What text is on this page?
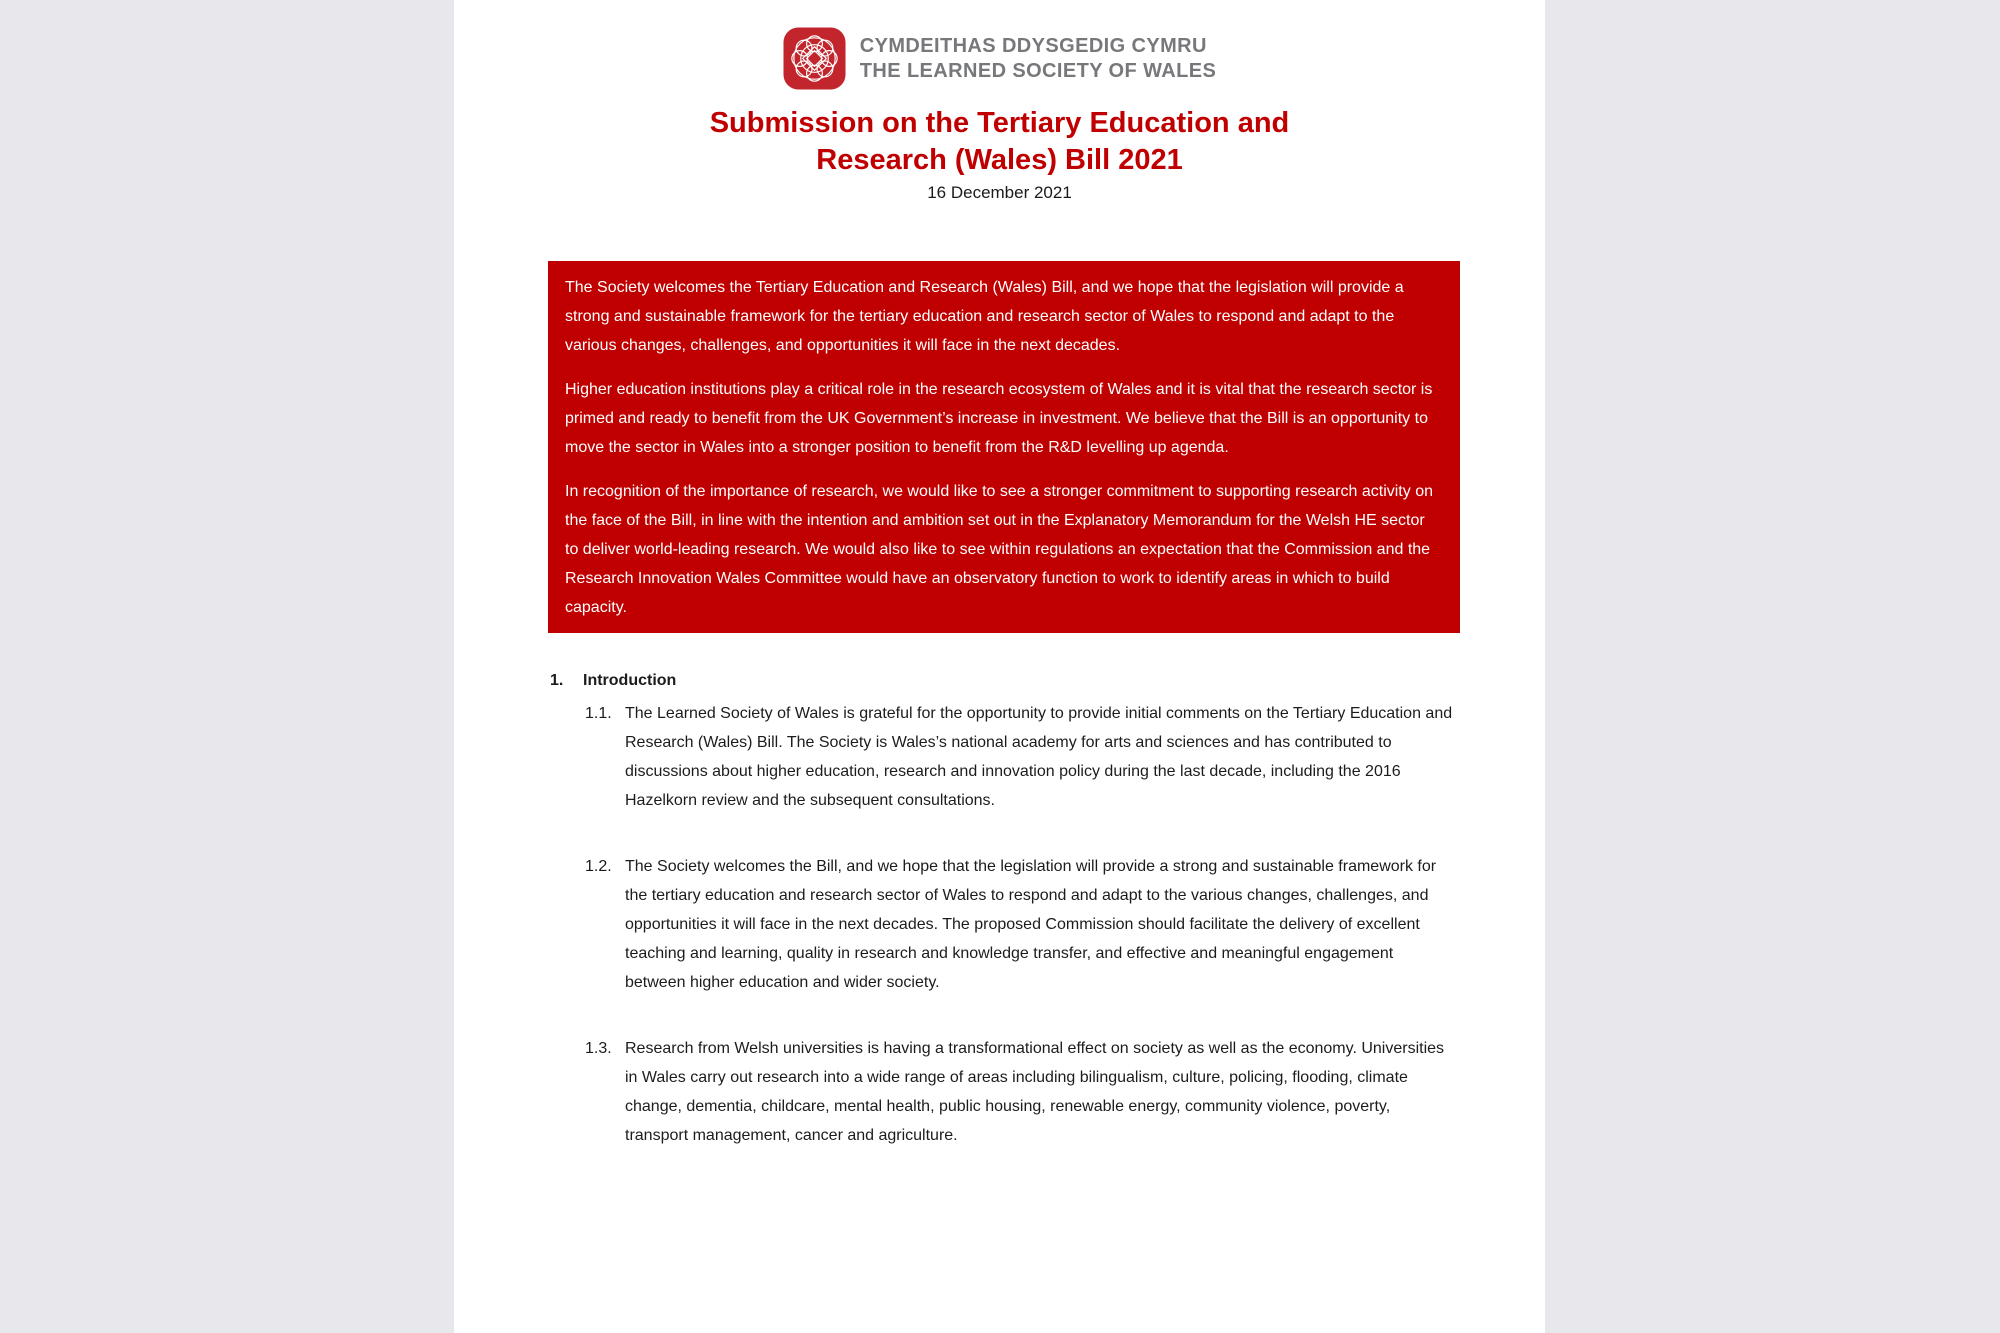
CYMDEITHAS DDYSGEDIG CYMRU
THE LEARNED SOCIETY OF WALES
Submission on the Tertiary Education and
Research (Wales) Bill 2021
16 December 2021

The Society welcomes the Tertiary Education and Research (Wales) Bill, and we hope that the legislation will provide a strong and sustainable framework for the tertiary education and research sector of Wales to respond and adapt to the various changes, challenges, and opportunities it will face in the next decades.

Higher education institutions play a critical role in the research ecosystem of Wales and it is vital that the research sector is primed and ready to benefit from the UK Government’s increase in investment. We believe that the Bill is an opportunity to move the sector in Wales into a stronger position to benefit from the R&D levelling up agenda.

In recognition of the importance of research, we would like to see a stronger commitment to supporting research activity on the face of the Bill, in line with the intention and ambition set out in the Explanatory Memorandum for the Welsh HE sector to deliver world-leading research. We would also like to see within regulations an expectation that the Commission and the Research Innovation Wales Committee would have an observatory function to work to identify areas in which to build capacity.

1.	Introduction
1.1. The Learned Society of Wales is grateful for the opportunity to provide initial comments on the Tertiary Education and Research (Wales) Bill. The Society is Wales’s national academy for arts and sciences and has contributed to discussions about higher education, research and innovation policy during the last decade, including the 2016 Hazelkorn review and the subsequent consultations.
1.2. The Society welcomes the Bill, and we hope that the legislation will provide a strong and sustainable framework for the tertiary education and research sector of Wales to respond and adapt to the various changes, challenges, and opportunities it will face in the next decades. The proposed Commission should facilitate the delivery of excellent teaching and learning, quality in research and knowledge transfer, and effective and meaningful engagement between higher education and wider society.
1.3. Research from Welsh universities is having a transformational effect on society as well as the economy. Universities in Wales carry out research into a wide range of areas including bilingualism, culture, policing, flooding, climate change, dementia, childcare, mental health, public housing, renewable energy, community violence, poverty, transport management, cancer and agriculture.
